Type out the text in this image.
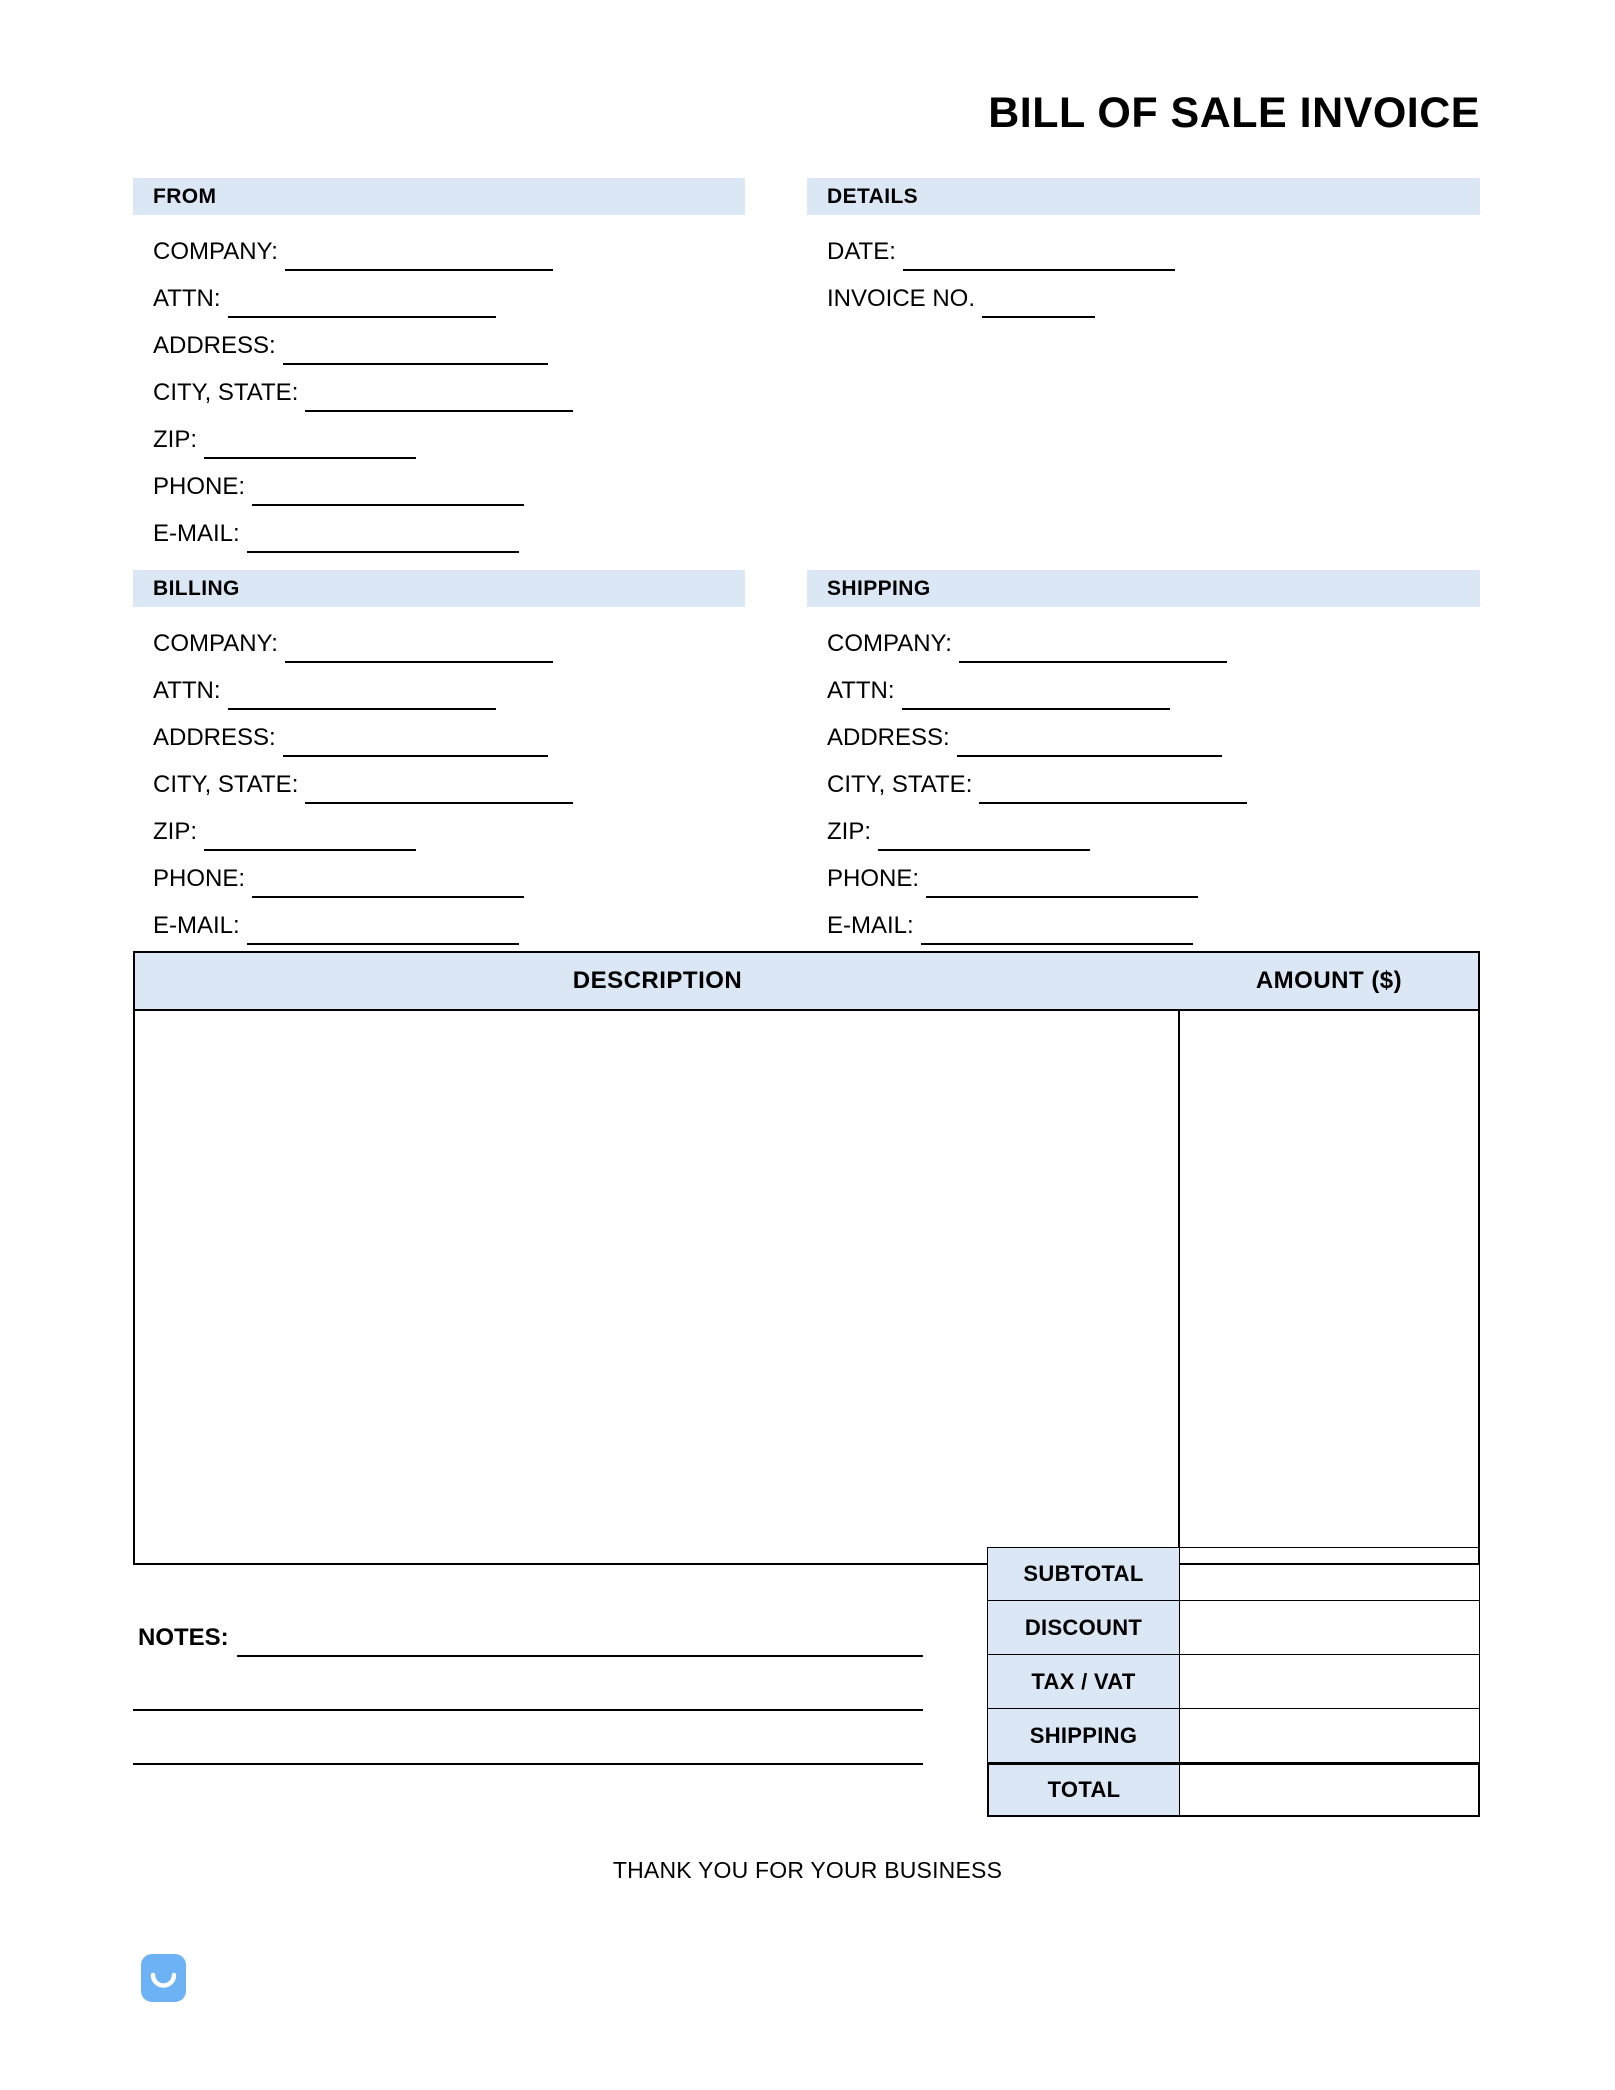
BILL OF SALE INVOICE
FROM
COMPANY:
ATTN:
ADDRESS:
CITY, STATE:
ZIP:
PHONE:
E-MAIL:
DETAILS
DATE:
INVOICE NO.
BILLING
COMPANY:
ATTN:
ADDRESS:
CITY, STATE:
ZIP:
PHONE:
E-MAIL:
SHIPPING
COMPANY:
ATTN:
ADDRESS:
CITY, STATE:
ZIP:
PHONE:
E-MAIL:
DESCRIPTION	AMOUNT ($)
NOTES:
SUBTOTAL
DISCOUNT
TAX / VAT
SHIPPING
TOTAL
THANK YOU FOR YOUR BUSINESS
